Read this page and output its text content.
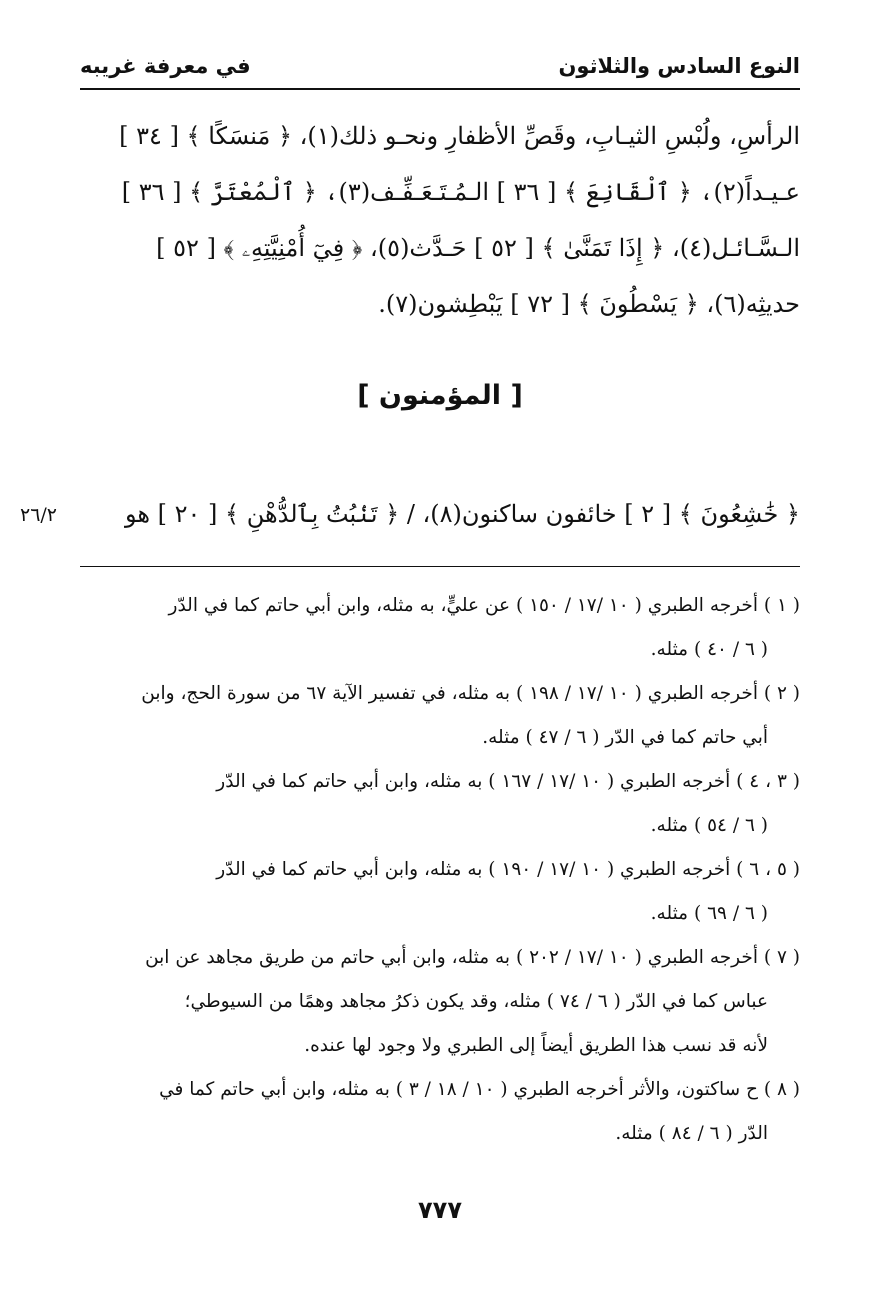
النوع السادس والثلاثون
في معرفة غريبه
الرأسِ، ولُبْسِ الثيـابِ، وقَصِّ الأظفارِ ونحـو ذلك(١)، ﴿ مَنسَكًا ﴾ [ ٣٤ ]
عـيـداً(٢)، ﴿ ٱلْقَانِعَ ﴾ [ ٣٦ ] الـمُـتَـعَـفِّـف(٣)، ﴿ ٱلْمُعْتَرَّ ﴾ [ ٣٦ ]
الـسَّـائـل(٤)، ﴿ إِذَا تَمَنَّىٰ ﴾ [ ٥٢ ] حَـدَّث(٥)، ﴿ فِيٓ أُمْنِيَّتِهِۦ ﴾ [ ٥٢ ]
حديثِه(٦)، ﴿ يَسْطُونَ ﴾ [ ٧٢ ] يَبْطِشون(٧).
[ المؤمنون ]
﴿ خَٰشِعُونَ ﴾ [ ٢ ] خائفون ساكنون(٨)، / ﴿ تَنۢبُتُ بِٱلدُّهْنِ ﴾ [ ٢٠ ] هو
٢٦/٢

( ١ ) أخرجه الطبري ( ١٠ /١٧ / ١٥٠ ) عن عليٍّ، به مثله، وابن أبي حاتم كما في الدّر
( ٦ / ٤٠ ) مثله.

( ٢ ) أخرجه الطبري ( ١٠ /١٧ / ١٩٨ ) به مثله، في تفسير الآية ٦٧ من سورة الحج، وابن
أبي حاتم كما في الدّر ( ٦ / ٤٧ ) مثله.

( ٣ ، ٤ ) أخرجه الطبري ( ١٠ /١٧ / ١٦٧ ) به مثله، وابن أبي حاتم كما في الدّر
( ٦ / ٥٤ ) مثله.

( ٥ ، ٦ ) أخرجه الطبري ( ١٠ /١٧ / ١٩٠ ) به مثله، وابن أبي حاتم كما في الدّر
( ٦ / ٦٩ ) مثله.

( ٧ ) أخرجه الطبري ( ١٠ /١٧ / ٢٠٢ ) به مثله، وابن أبي حاتم من طريق مجاهد عن ابن
عباس كما في الدّر ( ٦ / ٧٤ ) مثله، وقد يكون ذكرُ مجاهد وهمًا من السيوطي؛
لأنه قد نسب هذا الطريق أيضاً إلى الطبري ولا وجود لها عنده.

( ٨ ) ح ساكتون، والأثر أخرجه الطبري ( ١٠ / ١٨ / ٣ ) به مثله، وابن أبي حاتم كما في
الدّر ( ٦ / ٨٤ ) مثله.

٧٧٧
